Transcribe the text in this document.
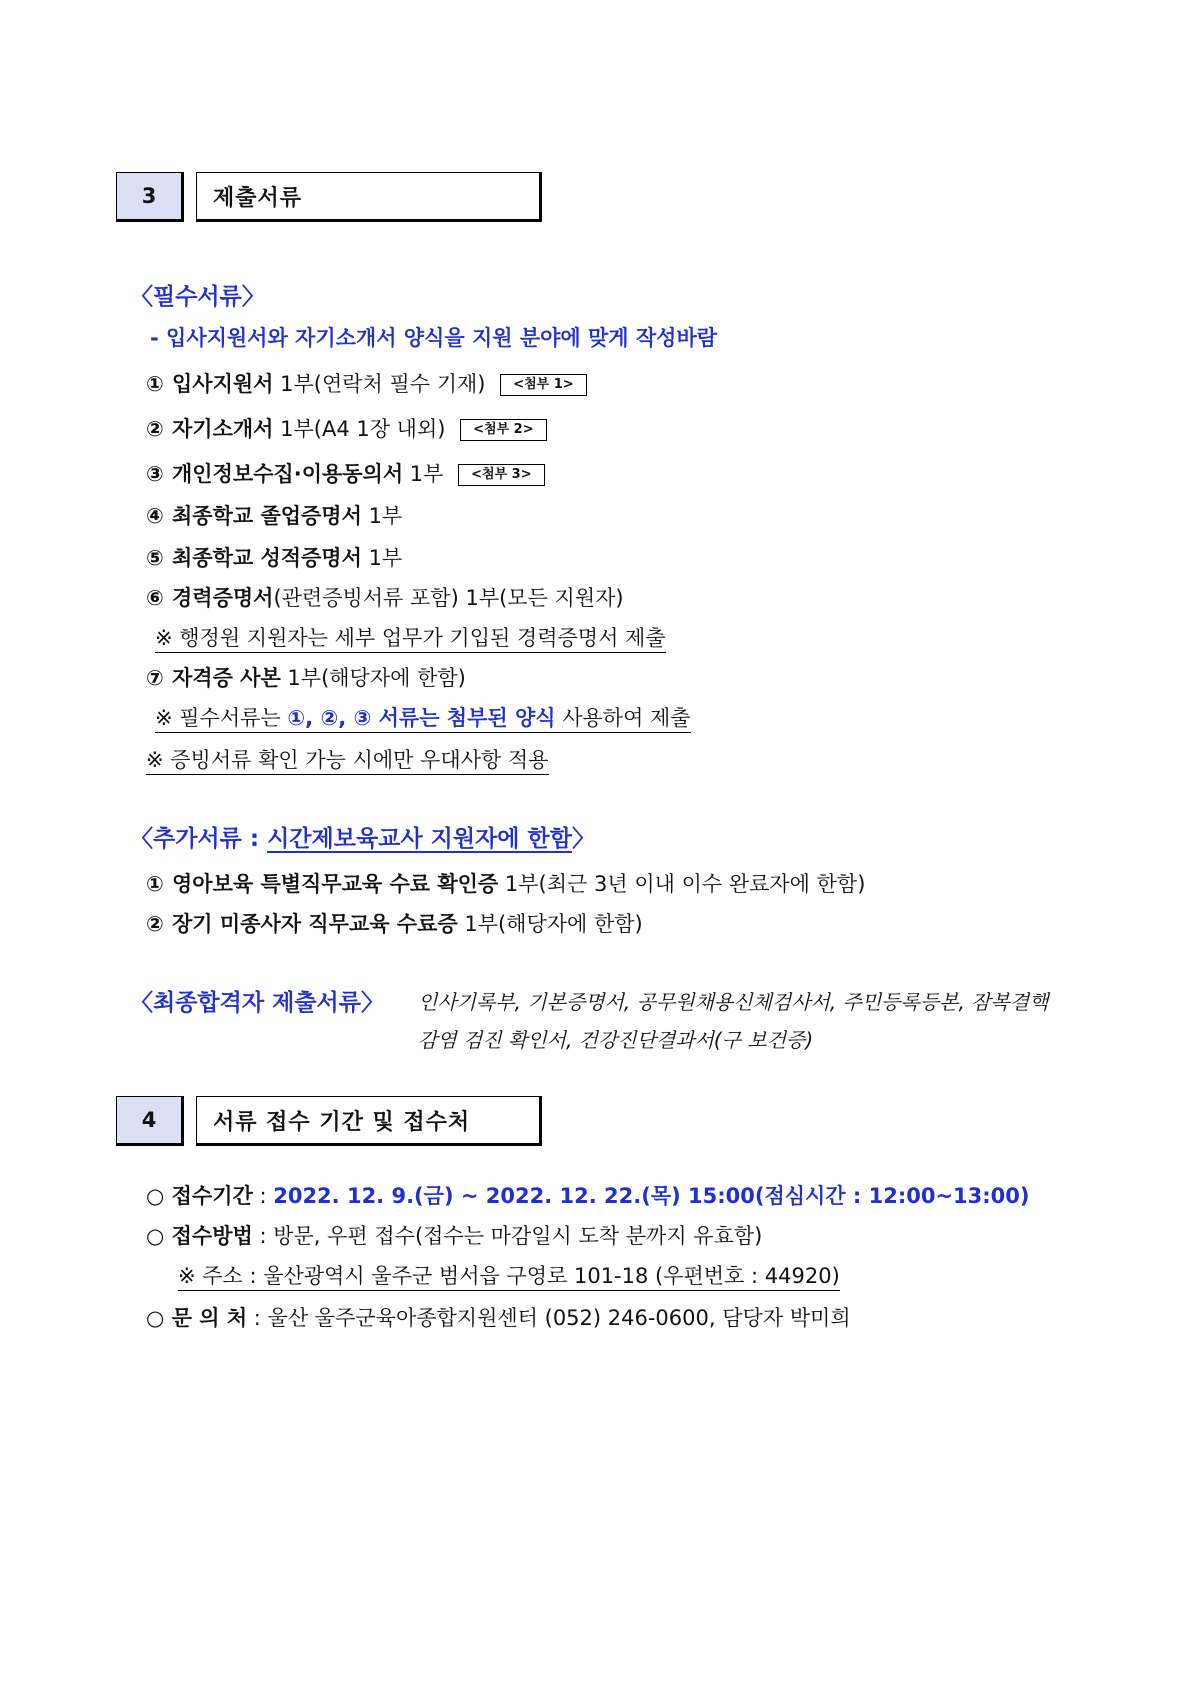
3	제출서류
〈필수서류〉
- 입사지원서와 자기소개서 양식을 지원 분야에 맞게 작성바람
① 입사지원서 1부(연락처 필수 기재) <첨부 1>
② 자기소개서 1부(A4 1장 내외) <첨부 2>
③ 개인정보수집·이용동의서 1부 <첨부 3>
④ 최종학교 졸업증명서 1부
⑤ 최종학교 성적증명서 1부
⑥ 경력증명서(관련증빙서류 포함) 1부(모든 지원자)
※ 행정원 지원자는 세부 업무가 기입된 경력증명서 제출
⑦ 자격증 사본 1부(해당자에 한함)
※ 필수서류는 ①, ②, ③ 서류는 첨부된 양식 사용하여 제출
※ 증빙서류 확인 가능 시에만 우대사항 적용
〈추가서류 : 시간제보육교사 지원자에 한함〉
① 영아보육 특별직무교육 수료 확인증 1부(최근 3년 이내 이수 완료자에 한함)
② 장기 미종사자 직무교육 수료증 1부(해당자에 한함)
〈최종합격자 제출서류〉 인사기록부, 기본증명서, 공무원채용신체검사서, 주민등록등본, 잠복결핵
감염 검진 확인서, 건강진단결과서(구 보건증)
4	서류 접수 기간 및 접수처
○ 접수기간 : 2022. 12. 9.(금) ~ 2022. 12. 22.(목) 15:00(점심시간 : 12:00~13:00)
○ 접수방법 : 방문, 우편 접수(접수는 마감일시 도착 분까지 유효함)
※ 주소 : 울산광역시 울주군 범서읍 구영로 101-18 (우편번호 : 44920)
○ 문 의 처 : 울산 울주군육아종합지원센터 (052) 246-0600, 담당자 박미희
